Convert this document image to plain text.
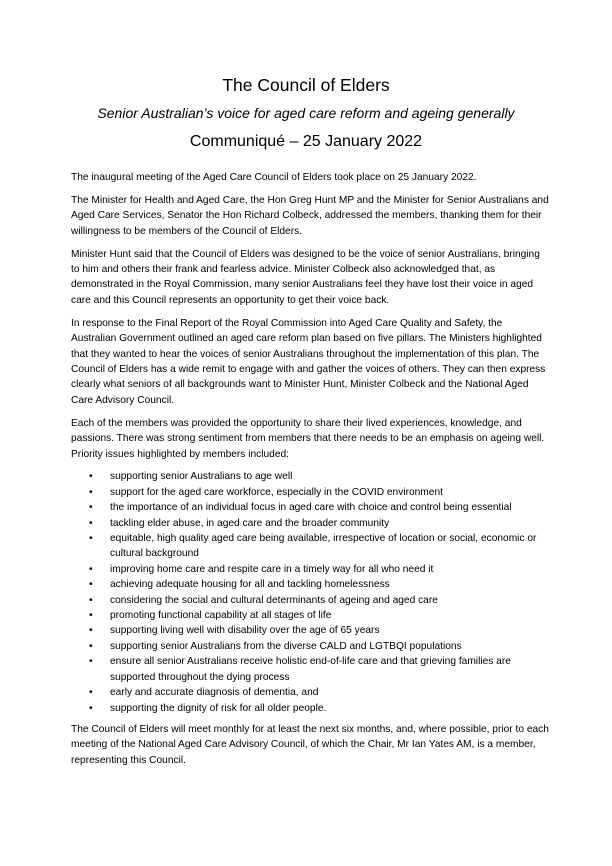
The Council of Elders
Senior Australian’s voice for aged care reform and ageing generally
Communiqué – 25 January 2022

The inaugural meeting of the Aged Care Council of Elders took place on 25 January 2022.

The Minister for Health and Aged Care, the Hon Greg Hunt MP and the Minister for Senior Australians and Aged Care Services, Senator the Hon Richard Colbeck, addressed the members, thanking them for their willingness to be members of the Council of Elders.

Minister Hunt said that the Council of Elders was designed to be the voice of senior Australians, bringing to him and others their frank and fearless advice. Minister Colbeck also acknowledged that, as demonstrated in the Royal Commission, many senior Australians feel they have lost their voice in aged care and this Council represents an opportunity to get their voice back.

In response to the Final Report of the Royal Commission into Aged Care Quality and Safety, the Australian Government outlined an aged care reform plan based on five pillars. The Ministers highlighted that they wanted to hear the voices of senior Australians throughout the implementation of this plan. The Council of Elders has a wide remit to engage with and gather the voices of others. They can then express clearly what seniors of all backgrounds want to Minister Hunt, Minister Colbeck and the National Aged Care Advisory Council.

Each of the members was provided the opportunity to share their lived experiences, knowledge, and passions. There was strong sentiment from members that there needs to be an emphasis on ageing well. Priority issues highlighted by members included:

• supporting senior Australians to age well
• support for the aged care workforce, especially in the COVID environment
• the importance of an individual focus in aged care with choice and control being essential
• tackling elder abuse, in aged care and the broader community
• equitable, high quality aged care being available, irrespective of location or social, economic or cultural background
• improving home care and respite care in a timely way for all who need it
• achieving adequate housing for all and tackling homelessness
• considering the social and cultural determinants of ageing and aged care
• promoting functional capability at all stages of life
• supporting living well with disability over the age of 65 years
• supporting senior Australians from the diverse CALD and LGTBQI populations
• ensure all senior Australians receive holistic end-of-life care and that grieving families are supported throughout the dying process
• early and accurate diagnosis of dementia, and
• supporting the dignity of risk for all older people.

The Council of Elders will meet monthly for at least the next six months, and, where possible, prior to each meeting of the National Aged Care Advisory Council, of which the Chair, Mr Ian Yates AM, is a member, representing this Council.
